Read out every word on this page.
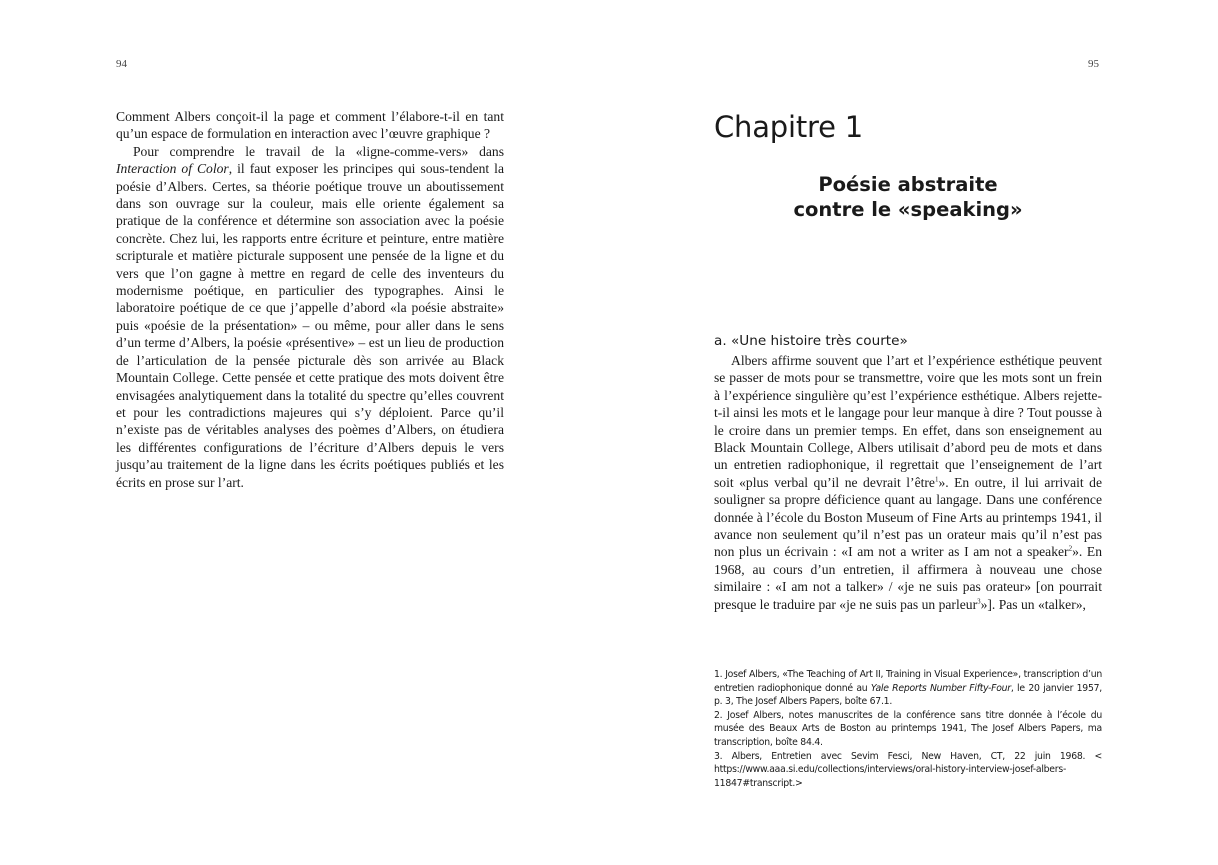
94

Comment Albers conçoit-il la page et comment l’élabore-t-il en tant qu’un espace de formulation en interaction avec l’œuvre graphique ?

Pour comprendre le travail de la «ligne-comme-vers» dans Interaction of Color, il faut exposer les principes qui sous-tendent la poésie d’Albers. Certes, sa théorie poétique trouve un aboutissement dans son ouvrage sur la couleur, mais elle oriente également sa pratique de la conférence et détermine son association avec la poésie concrète. Chez lui, les rapports entre écriture et peinture, entre matière scripturale et matière picturale supposent une pensée de la ligne et du vers que l’on gagne à mettre en regard de celle des inventeurs du modernisme poétique, en particulier des typographes. Ainsi le laboratoire poétique de ce que j’appelle d’abord «la poésie abstraite» puis «poésie de la présentation» – ou même, pour aller dans le sens d’un terme d’Albers, la poésie «présentive» – est un lieu de production de l’articulation de la pensée picturale dès son arrivée au Black Mountain College. Cette pensée et cette pratique des mots doivent être envisagées analytiquement dans la totalité du spectre qu’elles couvrent et pour les contradictions majeures qui s’y déploient. Parce qu’il n’existe pas de véritables analyses des poèmes d’Albers, on étudiera les différentes configurations de l’écriture d’Albers depuis le vers jusqu’au traitement de la ligne dans les écrits poétiques publiés et les écrits en prose sur l’art.

95
Chapitre 1
Poésie abstraite
contre le «speaking»
a. «Une histoire très courte»

Albers affirme souvent que l’art et l’expérience esthétique peuvent se passer de mots pour se transmettre, voire que les mots sont un frein à l’expérience singulière qu’est l’expérience esthétique. Albers rejette-t-il ainsi les mots et le langage pour leur manque à dire ? Tout pousse à le croire dans un premier temps. En effet, dans son enseignement au Black Mountain College, Albers utilisait d’abord peu de mots et dans un entretien radiophonique, il regrettait que l’enseignement de l’art soit «plus verbal qu’il ne devrait l’être$^1$». En outre, il lui arrivait de souligner sa propre déficience quant au langage. Dans une conférence donnée à l’école du Boston Museum of Fine Arts au printemps 1941, il avance non seulement qu’il n’est pas un orateur mais qu’il n’est pas non plus un écrivain : «I am not a writer as I am not a speaker$^2$». En 1968, au cours d’un entretien, il affirmera à nouveau une chose similaire : «I am not a talker» / «je ne suis pas orateur» [on pourrait presque le traduire par «je ne suis pas un parleur$^3$»]. Pas un «talker»,

1. Josef Albers, «The Teaching of Art II, Training in Visual Experience», transcription d’un entretien radiophonique donné au Yale Reports Number Fifty-Four, le 20 janvier 1957, p. 3, The Josef Albers Papers, boîte 67.1.

2. Josef Albers, notes manuscrites de la conférence sans titre donnée à l’école du musée des Beaux Arts de Boston au printemps 1941, The Josef Albers Papers, ma transcription, boîte 84.4.

3. Albers, Entretien avec Sevim Fesci, New Haven, CT, 22 juin 1968. < https://www.aaa.si.edu/collections/interviews/oral-history-interview-josef-albers-11847#transcript.>
